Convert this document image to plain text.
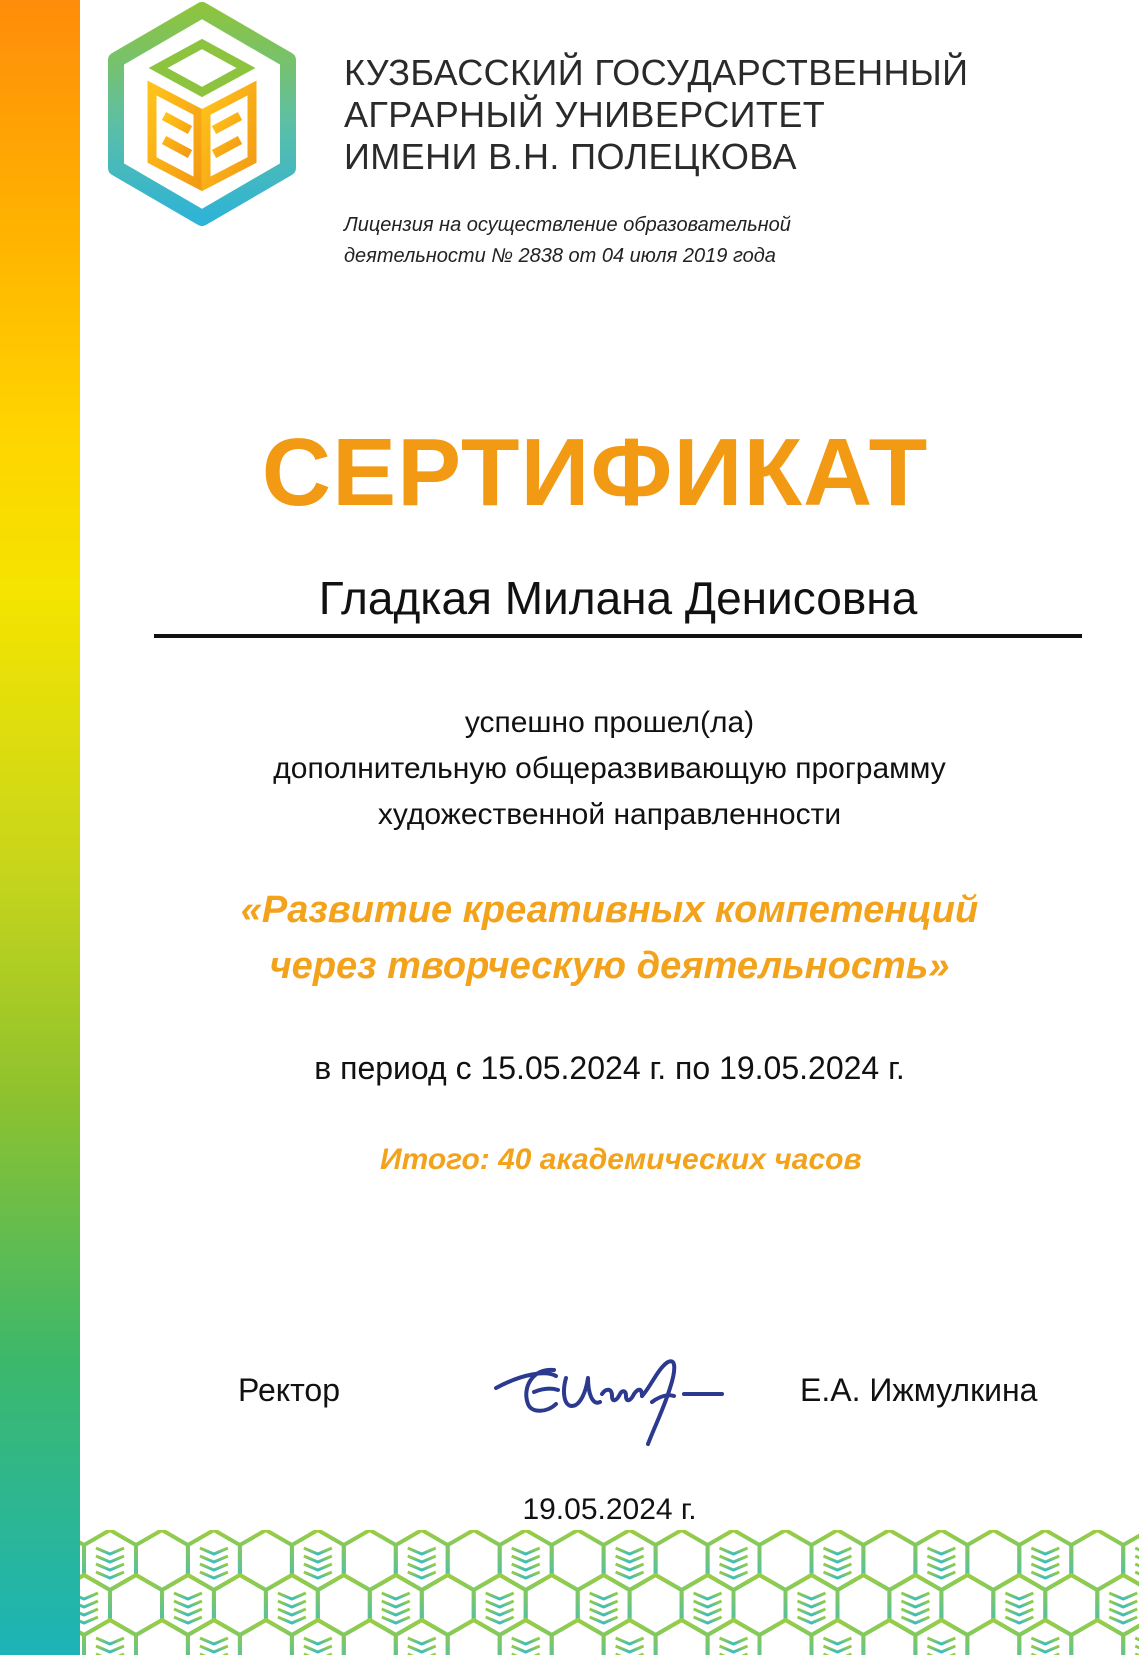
КУЗБАССКИЙ ГОСУДАРСТВЕННЫЙ
АГРАРНЫЙ УНИВЕРСИТЕТ
ИМЕНИ В.Н. ПОЛЕЦКОВА
Лицензия на осуществление образовательной
деятельности № 2838 от 04 июля 2019 года
СЕРТИФИКАТ
Гладкая Милана Денисовна
успешно прошел(ла)
дополнительную общеразвивающую программу
художественной направленности
«Развитие креативных компетенций
через творческую деятельность»
в период с 15.05.2024 г. по 19.05.2024 г.
Итого: 40 академических часов
Ректор	Е.А. Ижмулкина
19.05.2024 г.
